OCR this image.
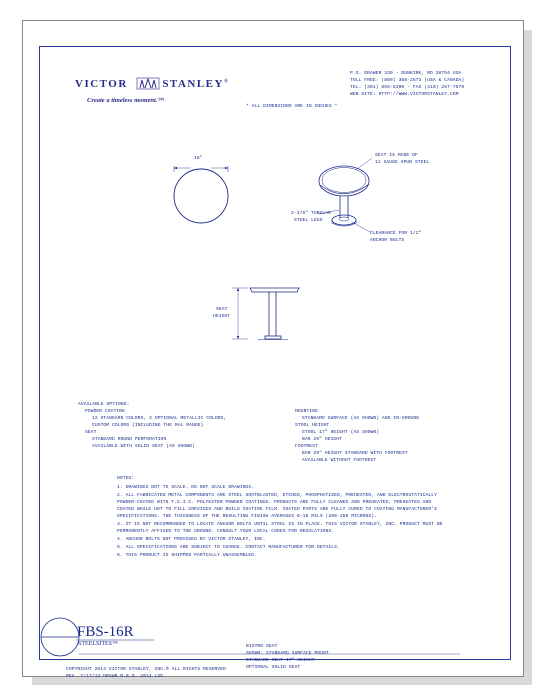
VICTOR	STANLEY®
Create a timeless moment.™
P.O. DRAWER 330 - DUNKIRK, MD 20754 USA
TOLL FREE: (800) 368-2573 (USA & CANADA)
TEL: (301) 855-8300 - FAX (410) 257-7579
WEB SITE: HTTP://WWW.VICTORSTANLEY.COM
* ALL DIMENSIONS ARE IN INCHES *
16"
SEAT IS MADE OF
11 GAUGE SPUN STEEL
2-3/8" TUBULAR
STEEL LEGS
CLEARANCE FOR 1/2"
ANCHOR BOLTS
SEAT
HEIGHT
AVAILABLE OPTIONS:
POWDER COATING
12 STANDARD COLORS, 2 OPTIONAL METALLIC COLORS,
CUSTOM COLORS (INCLUDING THE RAL RANGE)
SEAT
STANDARD ROUND PERFORATION
AVAILABLE WITH SOLID SEAT (AS SHOWN)
MOUNTING
STANDARD SURFACE (AS SHOWN) AND IN-GROUND
STOOL HEIGHT
STOOL 17" HEIGHT (AS SHOWN)
BAR 29" HEIGHT
FOOTREST
BAR 29" HEIGHT STANDARD WITH FOOTREST
AVAILABLE WITHOUT FOOTREST
NOTES:
1. DRAWINGS NOT TO SCALE. DO NOT SCALE DRAWINGS.
2. ALL FABRICATED METAL COMPONENTS ARE STEEL SHOTBLASTED, ETCHED, PHOSPHATIZED, PREHEATED, AND ELECTROSTATICALLY
POWDER-COATED WITH T.G.I.C. POLYESTER POWDER COATINGS. PRODUCTS ARE FULLY CLEANED AND PREHEATED, PREHEATED AND
COATED WHILE HOT TO FILL CREVICES AND BUILD COATING FILM. COATED PARTS ARE FULLY CURED TO COATING MANUFACTURER'S
SPECIFICATIONS. THE THICKNESS OF THE RESULTING FINISH AVERAGES 8-10 MILS (200-250 MICRONS).
3. IT IS NOT RECOMMENDED TO LOCATE ANCHOR BOLTS UNTIL STOOL IS IN PLACE. THIS VICTOR STANLEY, INC. PRODUCT MUST BE
PERMANENTLY AFFIXED TO THE GROUND. CONSULT YOUR LOCAL CODES FOR REGULATIONS.
4. ANCHOR BOLTS NOT PROVIDED BY VICTOR STANLEY, INC.
5. ALL SPECIFICATIONS ARE SUBJECT TO CHANGE. CONTACT MANUFACTURER FOR DETAILS.
6. THIS PRODUCT IS SHIPPED PARTIALLY UNASSEMBLED.
FBS-16R
STEELSITES™	BISTRO SEAT
SHOWN: STANDARD SURFACE MOUNT
STANDARD SEAT 17" HEIGHT
OPTIONAL SOLID SEAT
COPYRIGHT 2014 VICTOR STANLEY, INC.® ALL RIGHTS RESERVED
REV. 7/17/14 DRAWN R.B.O. 2014 LSD
